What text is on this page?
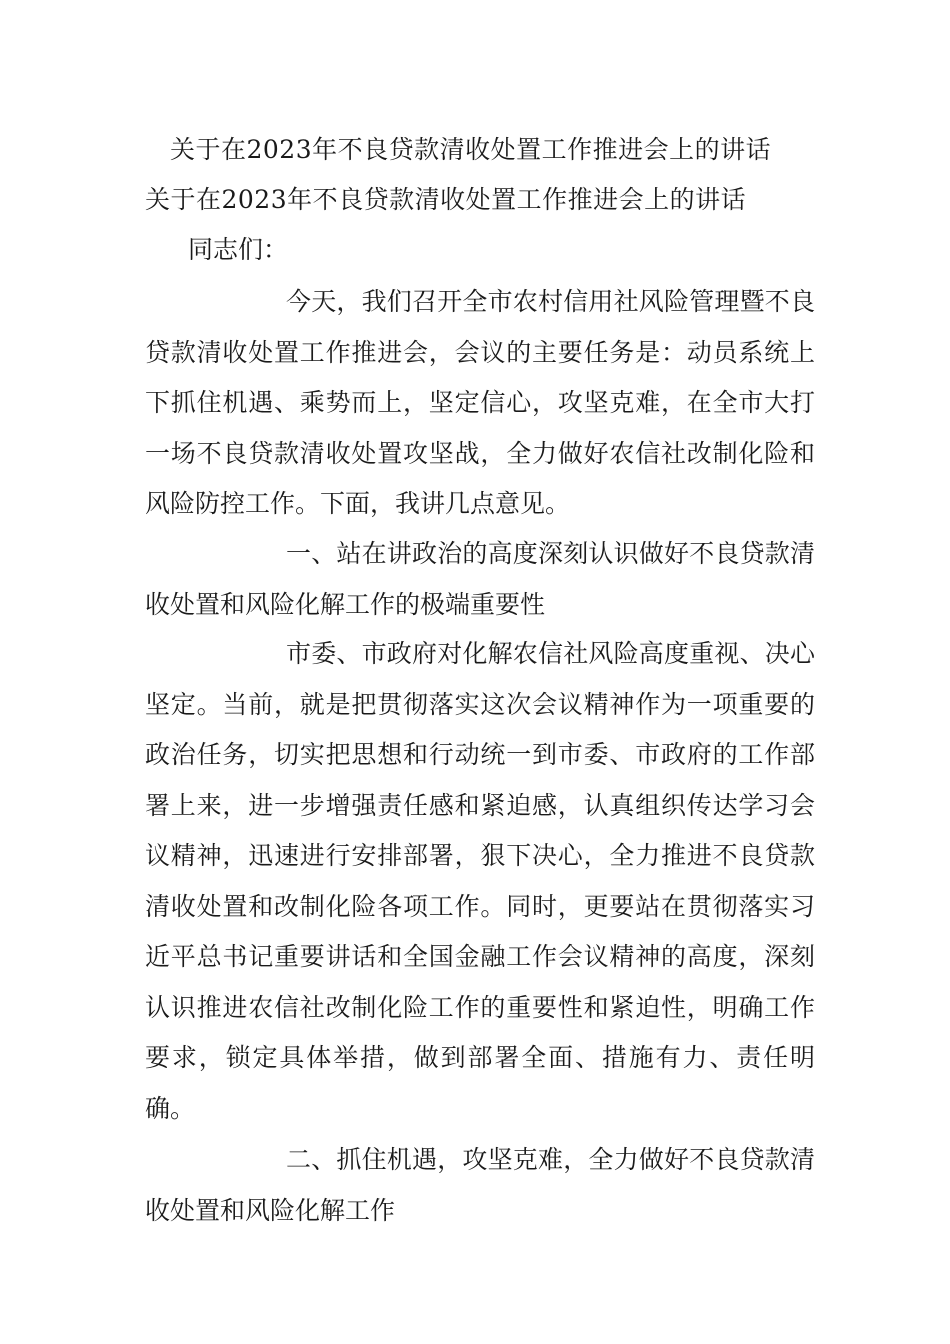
关于在2023年不良贷款清收处置工作推进会上的讲话
关于在2023年不良贷款清收处置工作推进会上的讲话
同志们：
今天，我们召开全市农村信用社风险管理暨不良贷款清收处置工作推进会，会议的主要任务是：动员系统上下抓住机遇、乘势而上，坚定信心，攻坚克难，在全市大打一场不良贷款清收处置攻坚战，全力做好农信社改制化险和风险防控工作。下面，我讲几点意见。
一、站在讲政治的高度深刻认识做好不良贷款清收处置和风险化解工作的极端重要性
市委、市政府对化解农信社风险高度重视、决心坚定。当前，就是把贯彻落实这次会议精神作为一项重要的政治任务，切实把思想和行动统一到市委、市政府的工作部署上来，进一步增强责任感和紧迫感，认真组织传达学习会议精神，迅速进行安排部署，狠下决心，全力推进不良贷款清收处置和改制化险各项工作。同时，更要站在贯彻落实习近平总书记重要讲话和全国金融工作会议精神的高度，深刻认识推进农信社改制化险工作的重要性和紧迫性，明确工作要求，锁定具体举措，做到部署全面、措施有力、责任明确。
二、抓住机遇，攻坚克难，全力做好不良贷款清收处置和风险化解工作
